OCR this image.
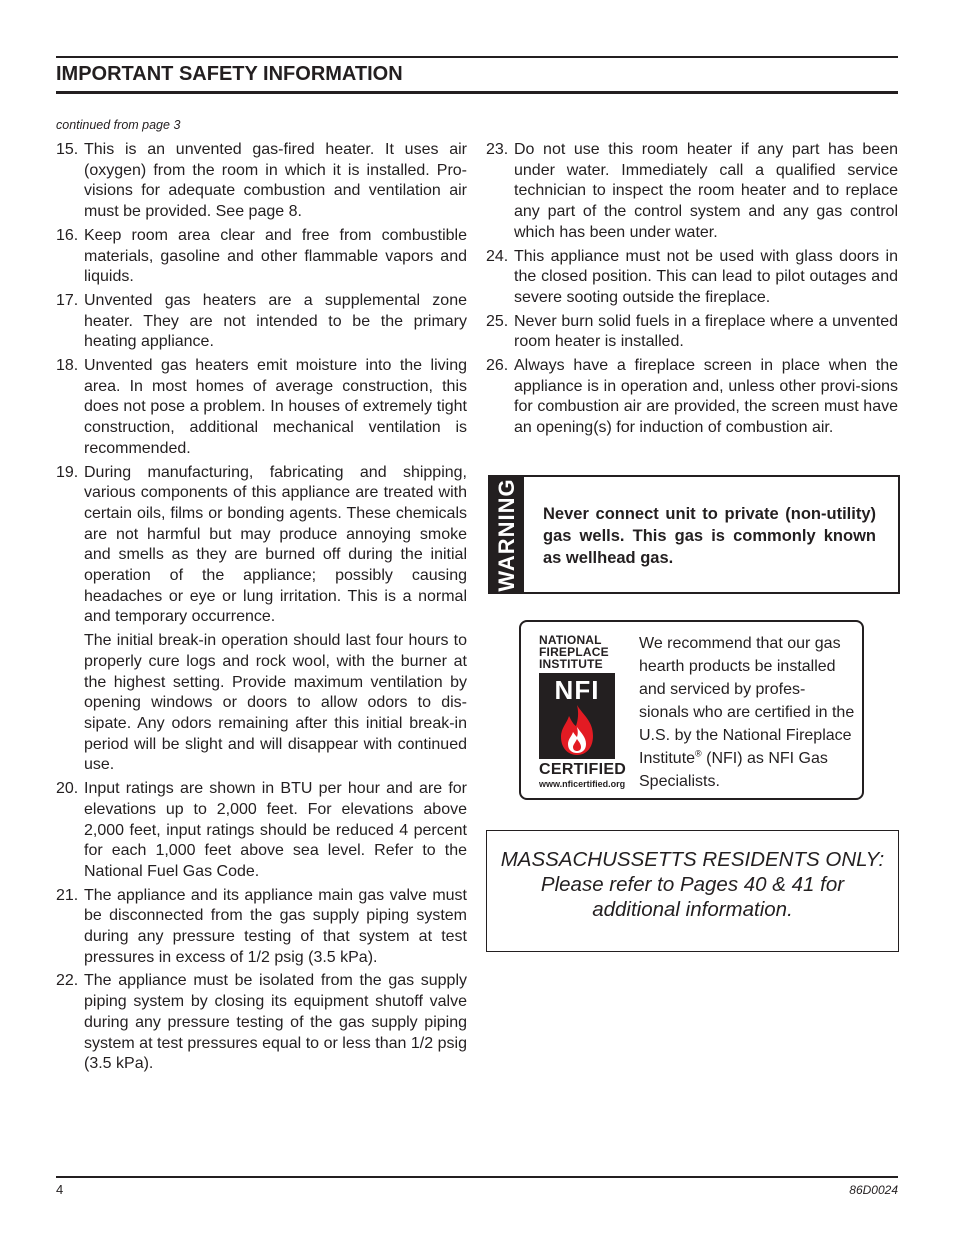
IMPORTANT SAFETY INFORMATION
continued from page 3
15. This is an unvented gas-fired heater. It uses air (oxygen) from the room in which it is installed. Pro-visions for adequate combustion and ventilation air must be provided. See page 8.
16. Keep room area clear and free from combustible materials, gasoline and other flammable vapors and liquids.
17. Unvented gas heaters are a supplemental zone heater. They are not intended to be the primary heating appliance.
18. Unvented gas heaters emit moisture into the living area. In most homes of average construction, this does not pose a problem. In houses of extremely tight construction, additional mechanical ventilation is recommended.
19. During manufacturing, fabricating and shipping, various components of this appliance are treated with certain oils, films or bonding agents. These chemicals are not harmful but may produce annoying smoke and smells as they are burned off during the initial operation of the appliance; possibly causing headaches or eye or lung irritation. This is a normal and temporary occurrence.
The initial break-in operation should last four hours to properly cure logs and rock wool, with the burner at the highest setting. Provide maximum ventilation by opening windows or doors to allow odors to dis-sipate. Any odors remaining after this initial break-in period will be slight and will disappear with continued use.
20. Input ratings are shown in BTU per hour and are for elevations up to 2,000 feet. For elevations above 2,000 feet, input ratings should be reduced 4 percent for each 1,000 feet above sea level. Refer to the National Fuel Gas Code.
21. The appliance and its appliance main gas valve must be disconnected from the gas supply piping system during any pressure testing of that system at test pressures in excess of 1/2 psig (3.5 kPa).
22. The appliance must be isolated from the gas supply piping system by closing its equipment shutoff valve during any pressure testing of the gas supply piping system at test pressures equal to or less than 1/2 psig (3.5 kPa).
23. Do not use this room heater if any part has been under water. Immediately call a qualified service technician to inspect the room heater and to replace any part of the control system and any gas control which has been under water.
24. This appliance must not be used with glass doors in the closed position. This can lead to pilot outages and severe sooting outside the fireplace.
25. Never burn solid fuels in a fireplace where a unvented room heater is installed.
26. Always have a fireplace screen in place when the appliance is in operation and, unless other provi-sions for combustion air are provided, the screen must have an opening(s) for induction of combustion air.
WARNING	Never connect unit to private (non-utility) gas wells. This gas is commonly known as wellhead gas.
NATIONAL
FIREPLACE
INSTITUTE
NFI
CERTIFIED
www.nficertified.org
We recommend that our gas hearth products be installed and serviced by profes-sionals who are certified in the U.S. by the National Fireplace Institute® (NFI) as NFI Gas Specialists.
MASSACHUSSETTS RESIDENTS ONLY:
Please refer to Pages 40 & 41 for
additional information.
4	86D0024
